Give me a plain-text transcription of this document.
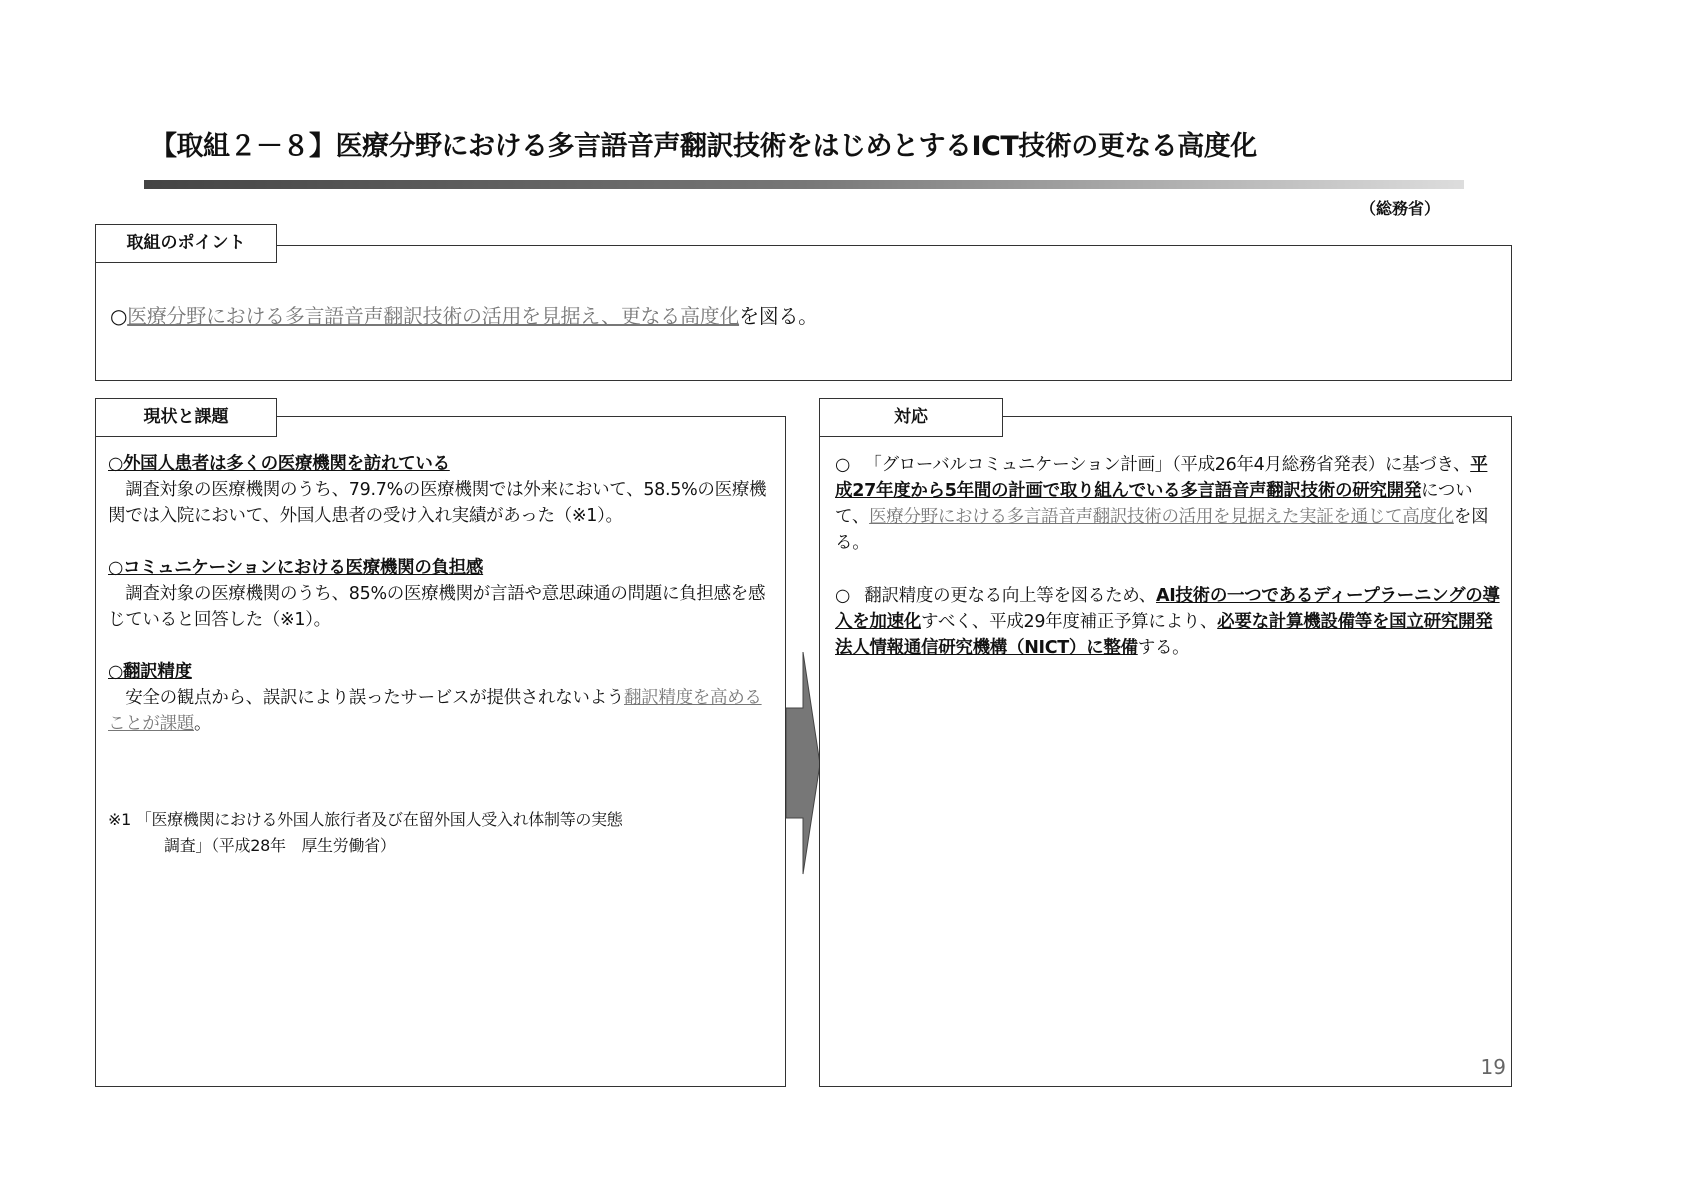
【取組２－８】医療分野における多言語音声翻訳技術をはじめとするICT技術の更なる高度化
（総務省）
取組のポイント
○医療分野における多言語音声翻訳技術の活用を見据え、更なる高度化を図る。
現状と課題

○外国人患者は多くの医療機関を訪れている

　調査対象の医療機関のうち、79.7%の医療機関では外来において、58.5%の医療機関では入院において、外国人患者の受け入れ実績があった（※1）。

○コミュニケーションにおける医療機関の負担感

　調査対象の医療機関のうち、85%の医療機関が言語や意思疎通の問題に負担感を感じていると回答した（※1）。

○翻訳精度

　安全の観点から、誤訳により誤ったサービスが提供されないよう翻訳精度を高めることが課題。

※1 「医療機関における外国人旅行者及び在留外国人受入れ体制等の実態
調査」（平成28年　厚生労働省）
対応
○ 「グローバルコミュニケーション計画」（平成26年4月総務省発表）に基づき、平成27年度から5年間の計画で取り組んでいる多言語音声翻訳技術の研究開発について、医療分野における多言語音声翻訳技術の活用を見据えた実証を通じて高度化を図る。
○ 翻訳精度の更なる向上等を図るため、AI技術の一つであるディープラーニングの導入を加速化すべく、平成29年度補正予算により、必要な計算機設備等を国立研究開発法人情報通信研究機構（NICT）に整備する。
19
